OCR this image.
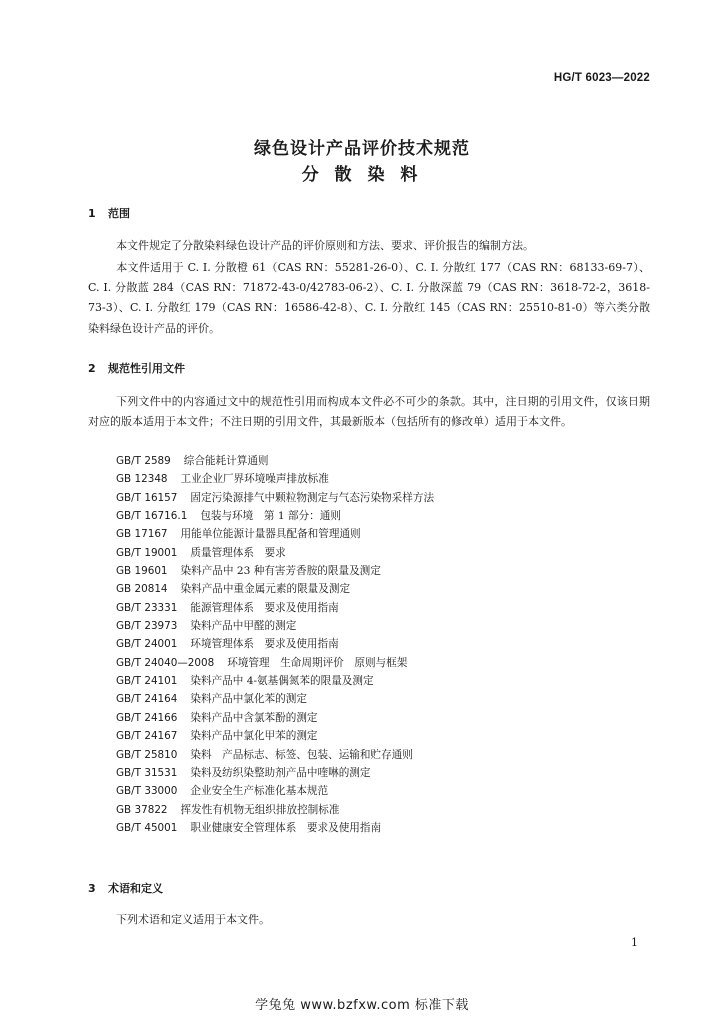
HG/T 6023—2022
绿色设计产品评价技术规范
分 散 染 料
1 范围

本文件规定了分散染料绿色设计产品的评价原则和方法、要求、评价报告的编制方法。

本文件适用于 C. I. 分散橙 61（CAS RN：55281-26-0）、C. I. 分散红 177（CAS RN：68133-69-7）、C. I. 分散蓝 284（CAS RN：71872-43-0/42783-06-2）、C. I. 分散深蓝 79（CAS RN：3618-72-2，3618-73-3）、C. I. 分散红 179（CAS RN：16586-42-8）、C. I. 分散红 145（CAS RN：25510-81-0）等六类分散染料绿色设计产品的评价。

2 规范性引用文件

下列文件中的内容通过文中的规范性引用而构成本文件必不可少的条款。其中，注日期的引用文件，仅该日期对应的版本适用于本文件；不注日期的引用文件，其最新版本（包括所有的修改单）适用于本文件。

GB/T 2589 综合能耗计算通则
GB 12348 工业企业厂界环境噪声排放标准
GB/T 16157 固定污染源排气中颗粒物测定与气态污染物采样方法
GB/T 16716.1 包装与环境　第 1 部分：通则
GB 17167 用能单位能源计量器具配备和管理通则
GB/T 19001 质量管理体系　要求
GB 19601 染料产品中 23 种有害芳香胺的限量及测定
GB 20814 染料产品中重金属元素的限量及测定
GB/T 23331 能源管理体系　要求及使用指南
GB/T 23973 染料产品中甲醛的测定
GB/T 24001 环境管理体系　要求及使用指南
GB/T 24040—2008 环境管理　生命周期评价　原则与框架
GB/T 24101 染料产品中 4-氨基偶氮苯的限量及测定
GB/T 24164 染料产品中氯化苯的测定
GB/T 24166 染料产品中含氯苯酚的测定
GB/T 24167 染料产品中氯化甲苯的测定
GB/T 25810 染料　产品标志、标签、包装、运输和贮存通则
GB/T 31531 染料及纺织染整助剂产品中喹啉的测定
GB/T 33000 企业安全生产标准化基本规范
GB 37822 挥发性有机物无组织排放控制标准
GB/T 45001 职业健康安全管理体系　要求及使用指南
3 术语和定义

下列术语和定义适用于本文件。

1
学兔兔 www.bzfxw.com 标准下载
